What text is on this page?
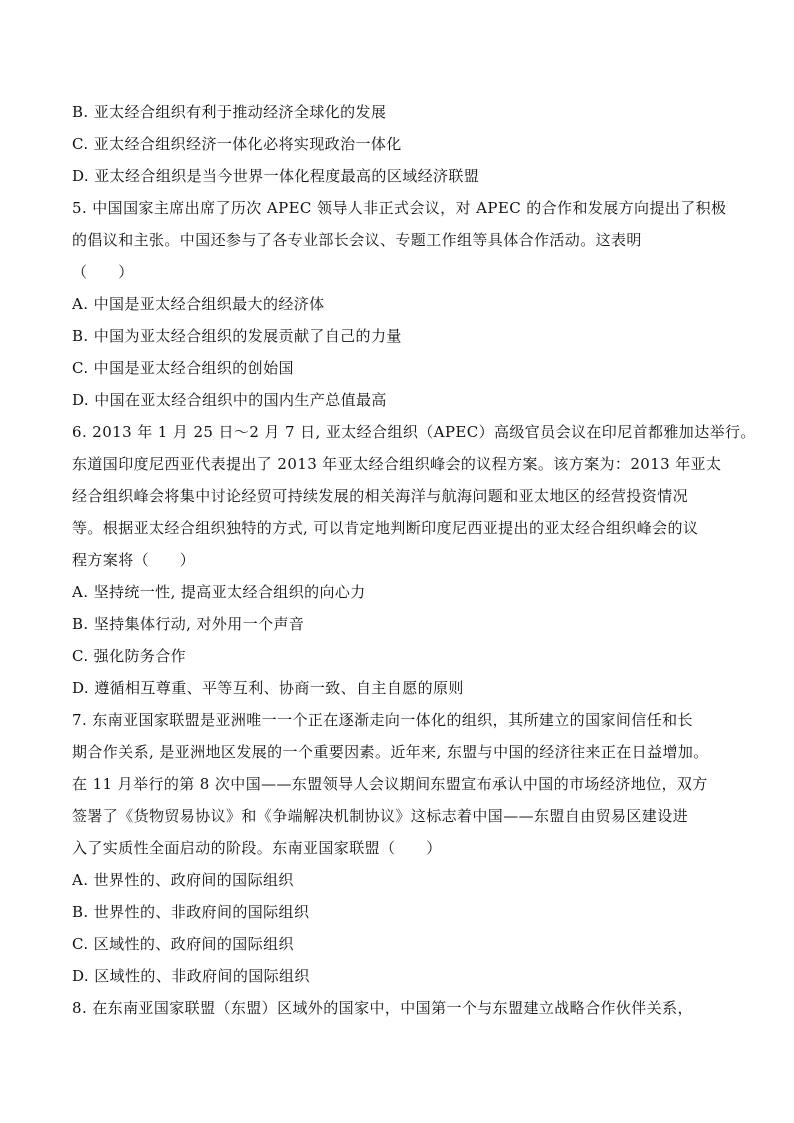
B. 亚太经合组织有利于推动经济全球化的发展
C. 亚太经合组织经济一体化必将实现政治一体化
D. 亚太经合组织是当今世界一体化程度最高的区域经济联盟
5. 中国国家主席出席了历次 APEC 领导人非正式会议，对 APEC 的合作和发展方向提出了积极
的倡议和主张。中国还参与了各专业部长会议、专题工作组等具体合作活动。这表明
（　　）
A. 中国是亚太经合组织最大的经济体
B. 中国为亚太经合组织的发展贡献了自己的力量
C. 中国是亚太经合组织的创始国
D. 中国在亚太经合组织中的国内生产总值最高
6. 2013 年 1 月 25 日～2 月 7 日, 亚太经合组织（APEC）高级官员会议在印尼首都雅加达举行。
东道国印度尼西亚代表提出了 2013 年亚太经合组织峰会的议程方案。该方案为：2013 年亚太
经合组织峰会将集中讨论经贸可持续发展的相关海洋与航海问题和亚太地区的经营投资情况
等。根据亚太经合组织独特的方式, 可以肯定地判断印度尼西亚提出的亚太经合组织峰会的议
程方案将（　　）
A. 坚持统一性, 提高亚太经合组织的向心力
B. 坚持集体行动, 对外用一个声音
C. 强化防务合作
D. 遵循相互尊重、平等互利、协商一致、自主自愿的原则
7. 东南亚国家联盟是亚洲唯一一个正在逐渐走向一体化的组织，其所建立的国家间信任和长
期合作关系, 是亚洲地区发展的一个重要因素。近年来, 东盟与中国的经济往来正在日益增加。
在 11 月举行的第 8 次中国——东盟领导人会议期间东盟宣布承认中国的市场经济地位，双方
签署了《货物贸易协议》和《争端解决机制协议》这标志着中国——东盟自由贸易区建设进
入了实质性全面启动的阶段。东南亚国家联盟（　　）
A. 世界性的、政府间的国际组织
B. 世界性的、非政府间的国际组织
C. 区域性的、政府间的国际组织
D. 区域性的、非政府间的国际组织
8. 在东南亚国家联盟（东盟）区域外的国家中，中国第一个与东盟建立战略合作伙伴关系，
